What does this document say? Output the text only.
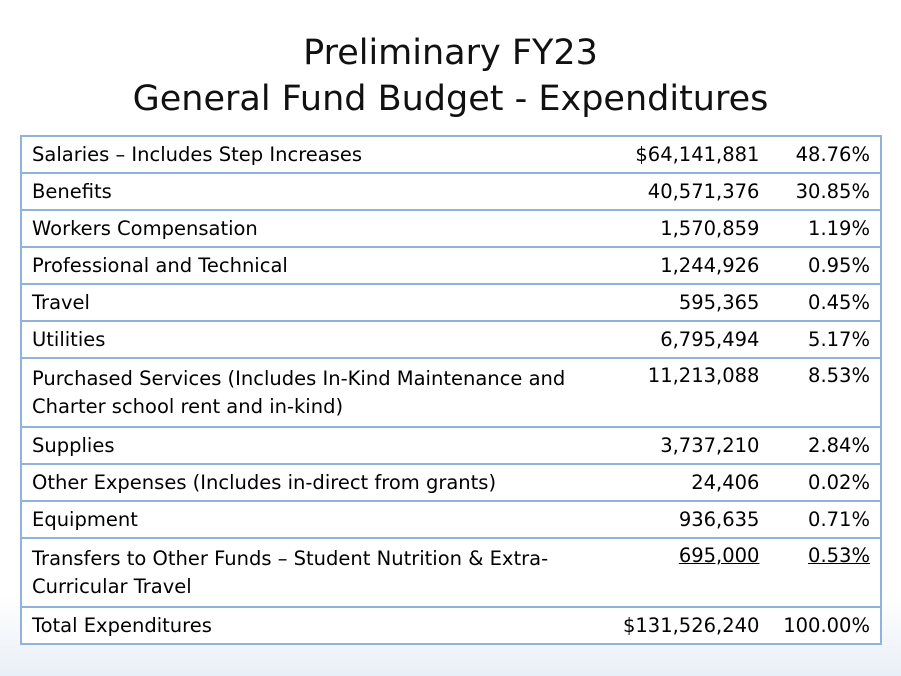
Preliminary FY23
General Fund Budget - Expenditures
Salaries – Includes Step Increases	$64,141,881	48.76%
Benefits	40,571,376	30.85%
Workers Compensation	1,570,859	1.19%
Professional and Technical	1,244,926	0.95%
Travel	595,365	0.45%
Utilities	6,795,494	5.17%
Purchased Services (Includes In-Kind Maintenance and Charter school rent and in-kind)	11,213,088	8.53%
Supplies	3,737,210	2.84%
Other Expenses (Includes in-direct from grants)	24,406	0.02%
Equipment	936,635	0.71%
Transfers to Other Funds – Student Nutrition & Extra-Curricular Travel	695,000	0.53%
Total Expenditures	$131,526,240	100.00%
